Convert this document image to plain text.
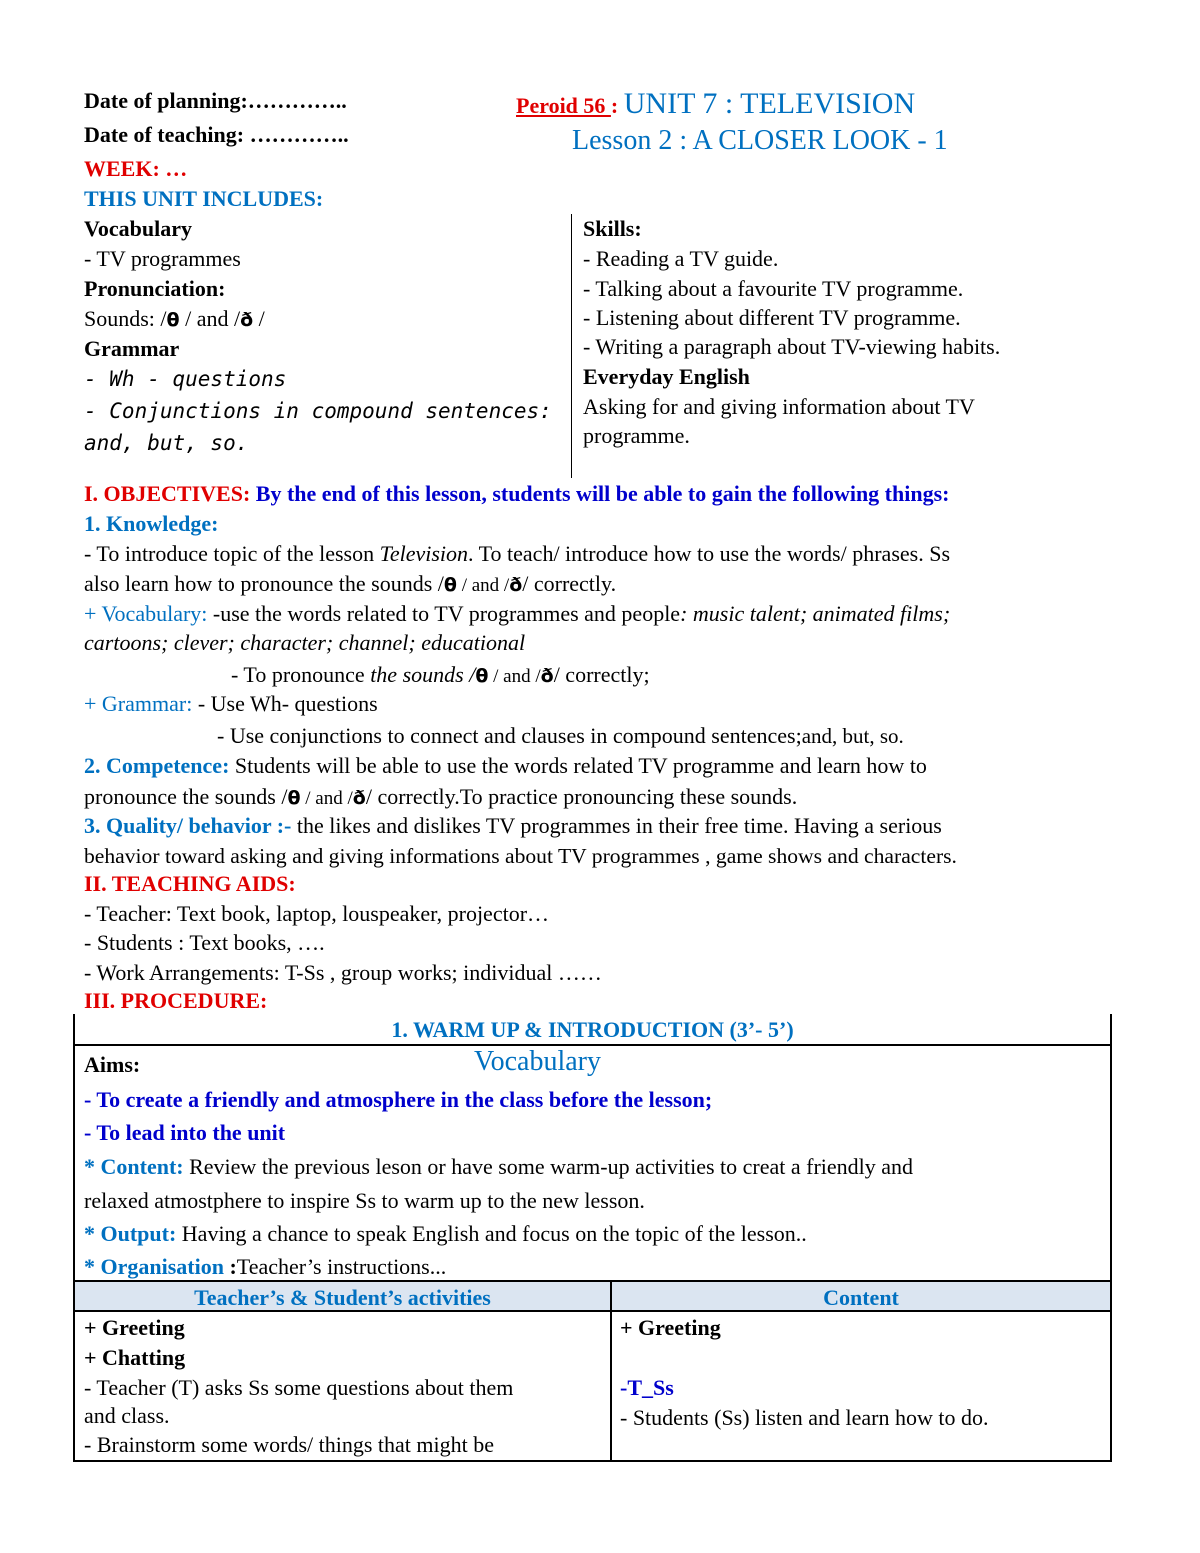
Date of planning:…………..
Date of teaching: …………..
WEEK: …
THIS UNIT INCLUDES:
Peroid 56 : UNIT 7 : TELEVISION
Lesson 2 : A CLOSER LOOK - 1
Vocabulary
- TV programmes
Pronunciation:
Sounds: /θ / and /ð /
Grammar
- Wh - questions
- Conjunctions in compound sentences:
and, but, so.
Skills:
- Reading a TV guide.
- Talking about a favourite TV programme.
- Listening about different TV programme.
- Writing a paragraph about TV-viewing habits.
Everyday English
Asking for and giving information about TV
programme.
I. OBJECTIVES: By the end of this lesson, students will be able to gain the following things:
1. Knowledge:
- To introduce topic of the lesson Television. To teach/ introduce how to use the words/ phrases. Ss
also learn how to pronounce the sounds /θ / and /ð/ correctly.
+ Vocabulary: -use the words related to TV programmes and people: music talent; animated films;
cartoons; clever; character; channel; educational
- To pronounce the sounds /θ / and /ð/ correctly;
+ Grammar: - Use Wh- questions
- Use conjunctions to connect and clauses in compound sentences;and, but, so.
2. Competence: Students will be able to use the words related TV programme and learn how to
pronounce the sounds /θ / and /ð/ correctly.To practice pronouncing these sounds.
3. Quality/ behavior :- the likes and dislikes TV programmes in their free time. Having a serious
behavior toward asking and giving informations about TV programmes , game shows and characters.
II. TEACHING AIDS:
- Teacher: Text book, laptop, louspeaker, projector…
- Students : Text books, ….
- Work Arrangements: T-Ss , group works; individual ……
III. PROCEDURE:
1. WARM UP & INTRODUCTION (3’- 5’)
Aims:	Vocabulary
- To create a friendly and atmosphere in the class before the lesson;
- To lead into the unit
* Content: Review the previous leson or have some warm-up activities to creat a friendly and
relaxed atmostphere to inspire Ss to warm up to the new lesson.
* Output: Having a chance to speak English and focus on the topic of the lesson..
* Organisation :Teacher’s instructions...
Teacher’s & Student’s activities	Content
+ Greeting
+ Chatting
- Teacher (T) asks Ss some questions about them
and class.
- Brainstorm some words/ things that might be
+ Greeting
-T_Ss
- Students (Ss) listen and learn how to do.
